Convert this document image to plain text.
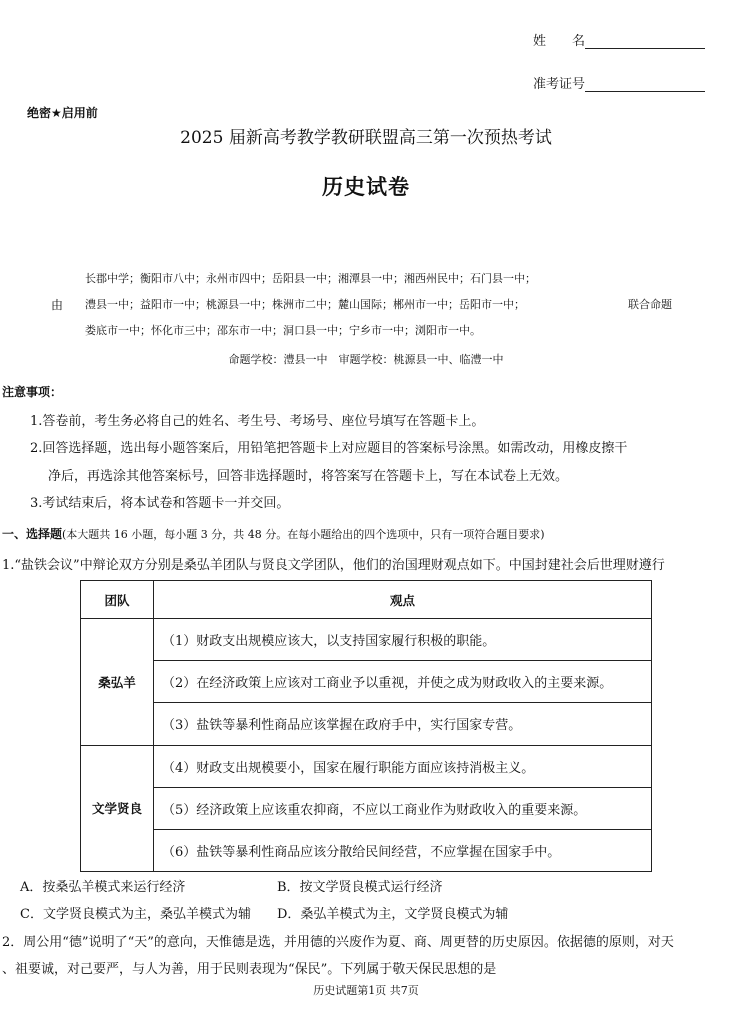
姓　　名
准考证号
绝密★启用前
2025 届新高考教学教研联盟高三第一次预热考试
历史试卷
长郡中学；衡阳市八中；永州市四中；岳阳县一中；湘潭县一中；湘西州民中；石门县一中；
由 澧县一中；益阳市一中；桃源县一中；株洲市二中；麓山国际；郴州市一中；岳阳市一中；	联合命题
娄底市一中；怀化市三中；邵东市一中；洞口县一中；宁乡市一中；浏阳市一中。
命题学校：澧县一中　审题学校：桃源县一中、临澧一中
注意事项：
1.答卷前，考生务必将自己的姓名、考生号、考场号、座位号填写在答题卡上。
2.回答选择题，选出每小题答案后，用铅笔把答题卡上对应题目的答案标号涂黑。如需改动，用橡皮擦干
净后，再选涂其他答案标号，回答非选择题时，将答案写在答题卡上，写在本试卷上无效。
3.考试结束后，将本试卷和答题卡一并交回。
一、选择题(本大题共 16 小题，每小题 3 分，共 48 分。在每小题给出的四个选项中，只有一项符合题目要求)
1.“盐铁会议”中辩论双方分别是桑弘羊团队与贤良文学团队，他们的治国理财观点如下。中国封建社会后世理财遵行
团队	观点
桑弘羊	（1）财政支出规模应该大，以支持国家履行积极的职能。
	（2）在经济政策上应该对工商业予以重视，并使之成为财政收入的主要来源。
	（3）盐铁等暴利性商品应该掌握在政府手中，实行国家专营。
文学贤良	（4）财政支出规模要小，国家在履行职能方面应该持消极主义。
	（5）经济政策上应该重农抑商，不应以工商业作为财政收入的重要来源。
	（6）盐铁等暴利性商品应该分散给民间经营，不应掌握在国家手中。
A．按桑弘羊模式来运行经济	B．按文学贤良模式运行经济
C．文学贤良模式为主，桑弘羊模式为辅 D．桑弘羊模式为主，文学贤良模式为辅
2．周公用“德”说明了“天”的意向，天惟德是选，并用德的兴废作为夏、商、周更替的历史原因。依据德的原则，对天
、祖要诚，对己要严，与人为善，用于民则表现为“保民”。下列属于敬天保民思想的是
历史试题第1页 共7页
